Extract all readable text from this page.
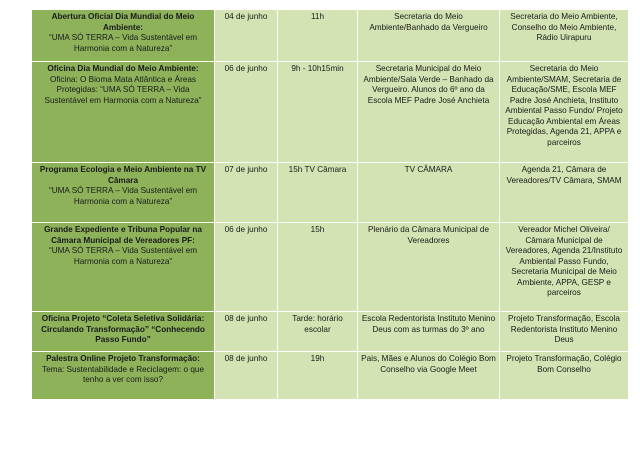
Abertura Oficial Dia Mundial do Meio Ambiente:
“UMA SÓ TERRA – Vida Sustentável em Harmonia com a Natureza”	04 de junho	11h	Secretaria do Meio Ambiente/Banhado da Vergueiro	Secretaria do Meio Ambiente, Conselho do Meio Ambiente, Rádio Uirapuru

Oficina Dia Mundial do Meio Ambiente:
Oficina: O Bioma Mata Atlântica e Áreas Protegidas: “UMA SÓ TERRA – Vida Sustentável em Harmonia com a Natureza”	06 de junho	9h - 10h15min	Secretaria Municipal do Meio Ambiente/Sala Verde – Banhado da Vergueiro. Alunos do 6º ano da Escola MEF Padre José Anchieta	Secretaria do Meio Ambiente/SMAM, Secretaria de Educação/SME, Escola MEF Padre José Anchieta, Instituto Ambiental Passo Fundo/ Projeto Educação Ambiental em Áreas Protegidas, Agenda 21, APPA e parceiros

Programa Ecologia e Meio Ambiente na TV Câmara
“UMA SÓ TERRA – Vida Sustentável em Harmonia com a Natureza”	07 de junho	15h TV Câmara	TV CÂMARA	Agenda 21, Câmara de Vereadores/TV Câmara, SMAM

Grande Expediente e Tribuna Popular na Câmara Municipal de Vereadores PF:
“UMA SÓ TERRA – Vida Sustentável em Harmonia com a Natureza”	06 de junho	15h	Plenário da Câmara Municipal de Vereadores	Vereador Michel Oliveira/ Câmara Municipal de Vereadores, Agenda 21/Instituto Ambiental Passo Fundo, Secretaria Municipal de Meio Ambiente, APPA, GESP e parceiros

Oficina Projeto “Coleta Seletiva Solidária: Circulando Transformação” “Conhecendo Passo Fundo”	08 de junho	Tarde: horário escolar	Escola Redentorista Instituto Menino Deus com as turmas do 3º ano	Projeto Transformação, Escola Redentorista Instituto Menino Deus

Palestra Online Projeto Transformação:
Tema: Sustentabilidade e Reciclagem: o que tenho a ver com isso?	08 de junho	19h	Pais, Mães e Alunos do Colégio Bom Conselho via Google Meet	Projeto Transformação, Colégio Bom Conselho
